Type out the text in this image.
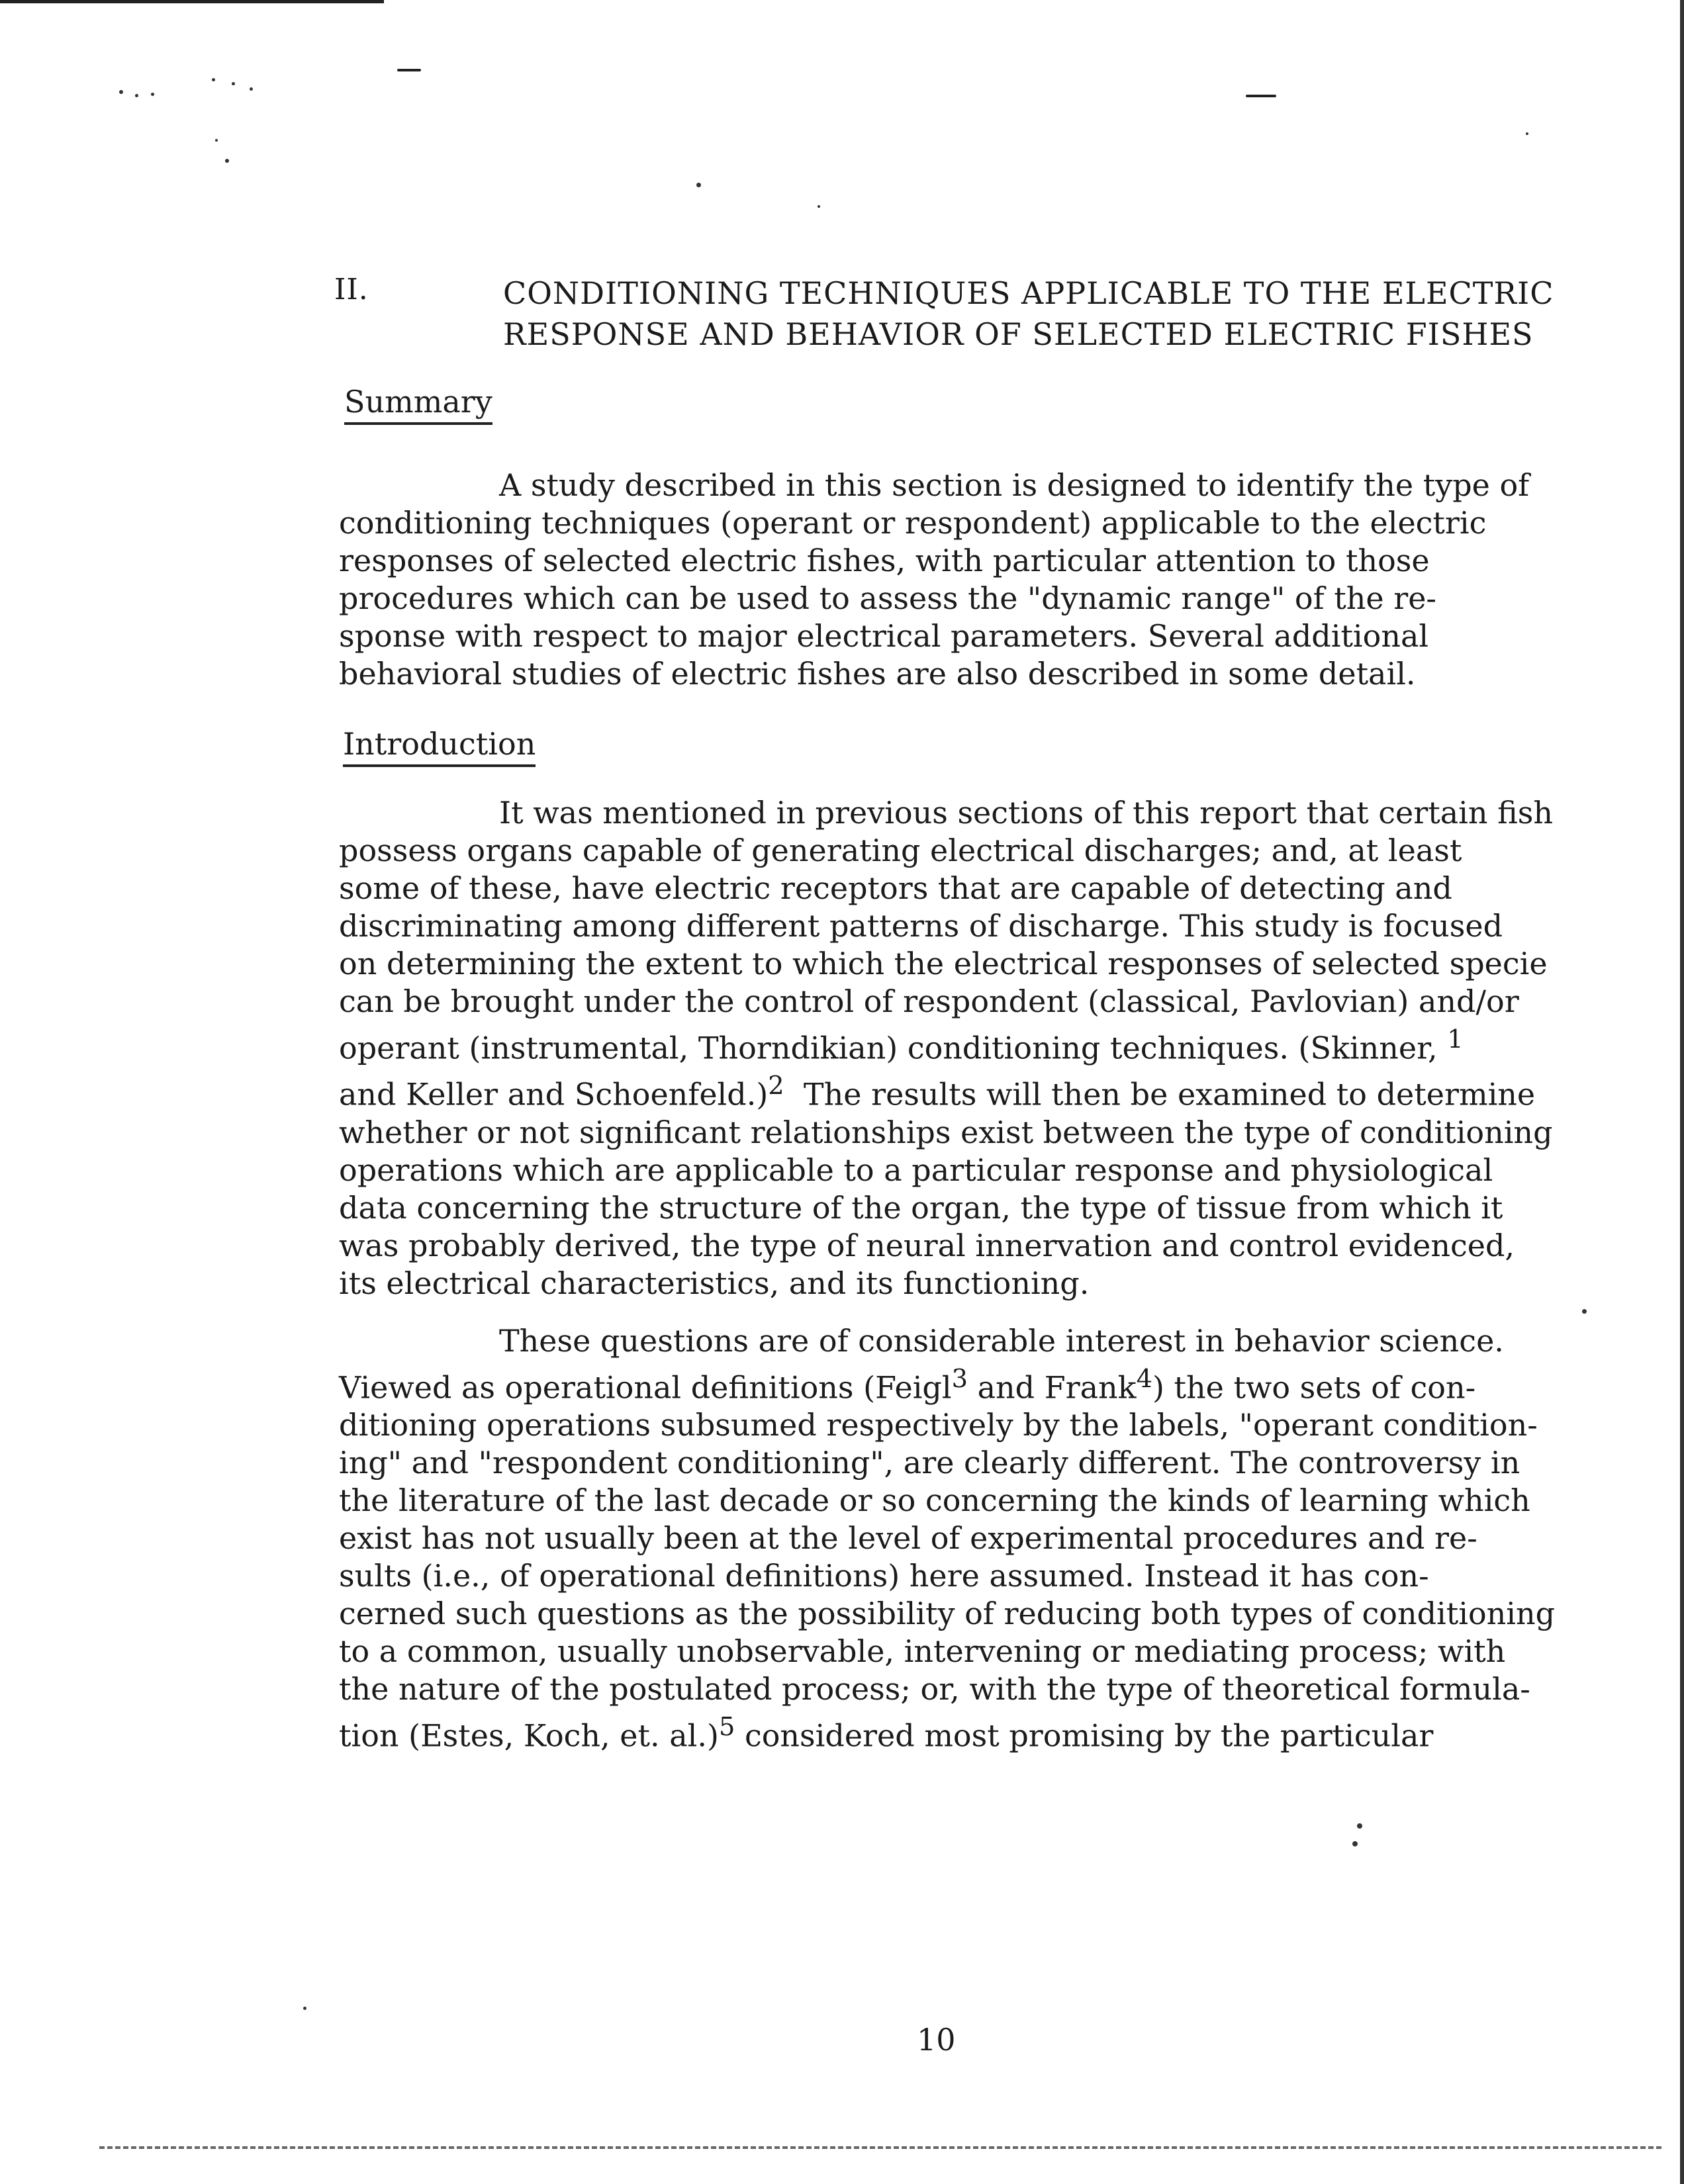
II.	CONDITIONING TECHNIQUES APPLICABLE TO THE ELECTRIC
RESPONSE AND BEHAVIOR OF SELECTED ELECTRIC FISHES
Summary

A study described in this section is designed to identify the type of
conditioning techniques (operant or respondent) applicable to the electric
responses of selected electric fishes, with particular attention to those
procedures which can be used to assess the "dynamic range" of the re-
sponse with respect to major electrical parameters. Several additional
behavioral studies of electric fishes are also described in some detail.

Introduction

It was mentioned in previous sections of this report that certain fish
possess organs capable of generating electrical discharges; and, at least
some of these, have electric receptors that are capable of detecting and
discriminating among different patterns of discharge. This study is focused
on determining the extent to which the electrical responses of selected specie
can be brought under the control of respondent (classical, Pavlovian) and/or
operant (instrumental, Thorndikian) conditioning techniques. (Skinner, $^1$
and Keller and Schoenfeld.)$^2$ The results will then be examined to determine
whether or not significant relationships exist between the type of conditioning
operations which are applicable to a particular response and physiological
data concerning the structure of the organ, the type of tissue from which it
was probably derived, the type of neural innervation and control evidenced,
its electrical characteristics, and its functioning.

These questions are of considerable interest in behavior science.
Viewed as operational definitions (Feigl$^3$ and Frank$^4$) the two sets of con-
ditioning operations subsumed respectively by the labels, "operant condition-
ing" and "respondent conditioning", are clearly different. The controversy in
the literature of the last decade or so concerning the kinds of learning which
exist has not usually been at the level of experimental procedures and re-
sults (i.e., of operational definitions) here assumed. Instead it has con-
cerned such questions as the possibility of reducing both types of conditioning
to a common, usually unobservable, intervening or mediating process; with
the nature of the postulated process; or, with the type of theoretical formula-
tion (Estes, Koch, et. al.)$^5$ considered most promising by the particular

10
